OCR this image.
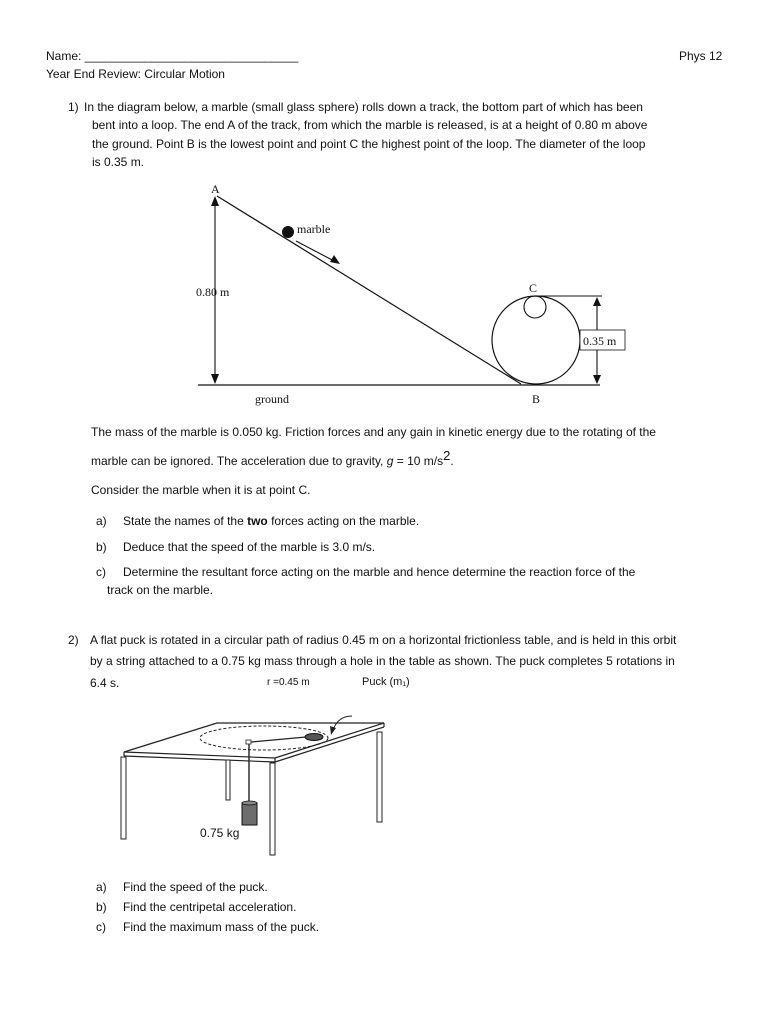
Name: ________________________________	Phys 12
Year End Review: Circular Motion
1) In the diagram below, a marble (small glass sphere) rolls down a track, the bottom part of which has been
bent into a loop. The end A of the track, from which the marble is released, is at a height of 0.80 m above
the ground. Point B is the lowest point and point C the highest point of the loop. The diameter of the loop
is 0.35 m.
A
marble
0.80 m	C
0.35 m
ground	B
The mass of the marble is 0.050 kg. Friction forces and any gain in kinetic energy due to the rotating of the
marble can be ignored. The acceleration due to gravity, g = 10 $m/s^2$.
Consider the marble when it is at point C.
a) State the names of the two forces acting on the marble.
b) Deduce that the speed of the marble is 3.0 m/s.
c) Determine the resultant force acting on the marble and hence determine the reaction force of the
track on the marble.
2) A flat puck is rotated in a circular path of radius 0.45 m on a horizontal frictionless table, and is held in this orbit
by a string attached to a 0.75 kg mass through a hole in the table as shown. The puck completes 5 rotations in
6.4 s.	r =0.45 m	Puck (m₁)
0.75 kg
a) Find the speed of the puck.
b) Find the centripetal acceleration.
c) Find the maximum mass of the puck.
